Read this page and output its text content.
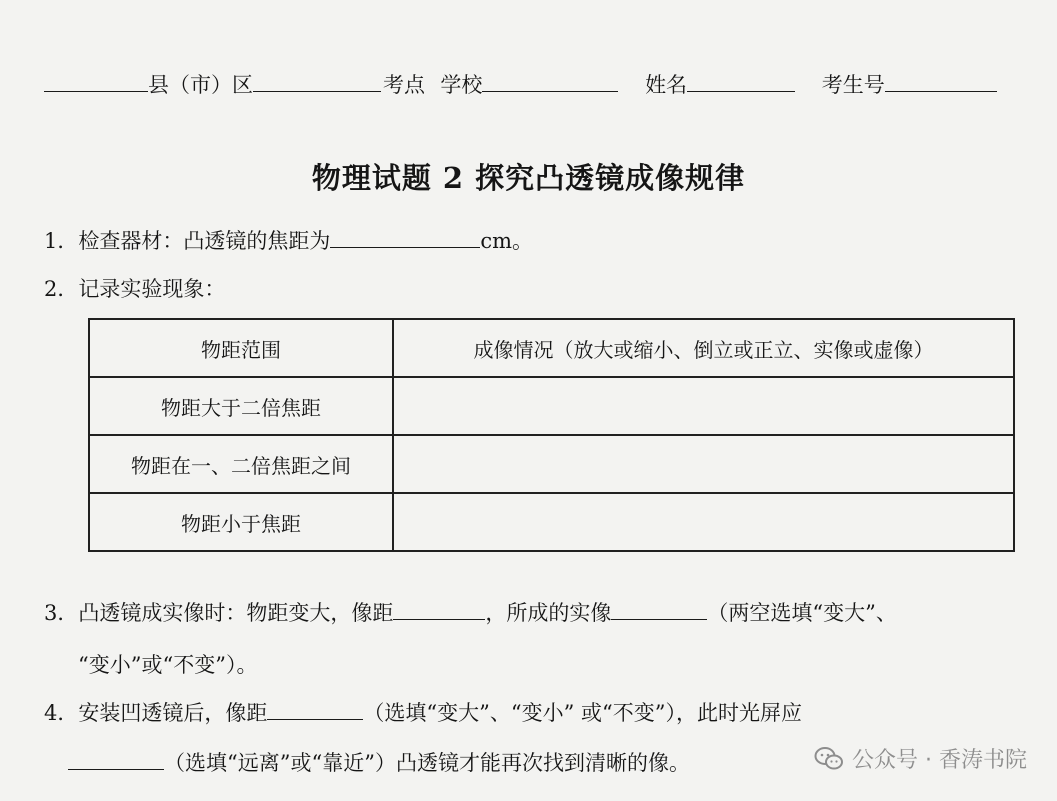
县（市）区	考点 学校	姓名	考生号
物理试题 2 探究凸透镜成像规律
1．检查器材：凸透镜的焦距为	cm。
2．记录实验现象：
物距范围	成像情况（放大或缩小、倒立或正立、实像或虚像）
物距大于二倍焦距	
物距在一、二倍焦距之间	
物距小于焦距	
3．凸透镜成实像时：物距变大，像距	，所成的实像	（两空选填“变大”、
“变小”或“不变”）。
4．安装凹透镜后，像距	（选填“变大”、“变小” 或“不变”），此时光屏应
（选填“远离”或“靠近”）凸透镜才能再次找到清晰的像。	公众号 · 香涛书院
